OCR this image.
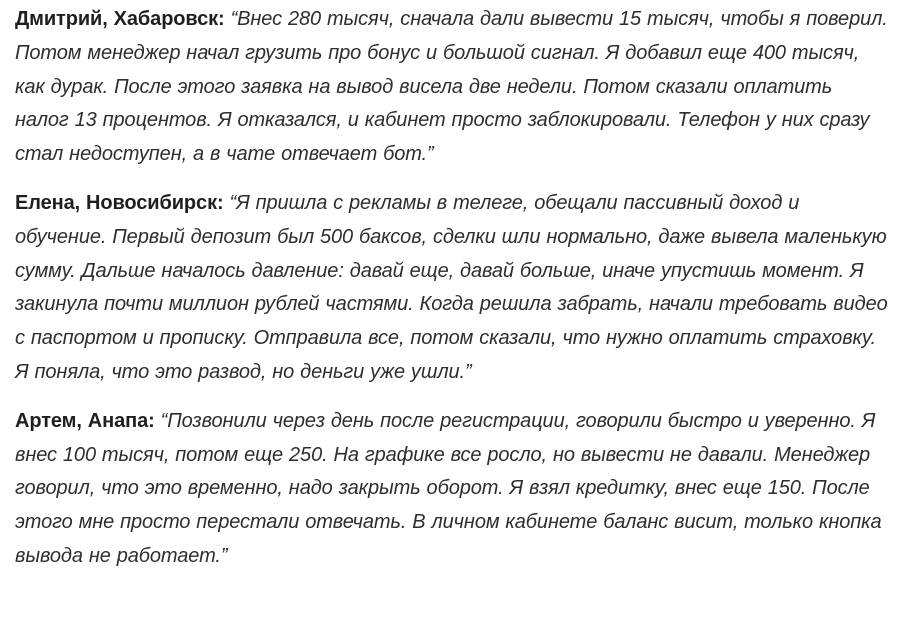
Дмитрий, Хабаровск: “Внес 280 тысяч, сначала дали вывести 15 тысяч, чтобы я поверил. Потом менеджер начал грузить про бонус и большой сигнал. Я добавил еще 400 тысяч, как дурак. После этого заявка на вывод висела две недели. Потом сказали оплатить налог 13 процентов. Я отказался, и кабинет просто заблокировали. Телефон у них сразу стал недоступен, а в чате отвечает бот.”

Елена, Новосибирск: “Я пришла с рекламы в телеге, обещали пассивный доход и обучение. Первый депозит был 500 баксов, сделки шли нормально, даже вывела маленькую сумму. Дальше началось давление: давай еще, давай больше, иначе упустишь момент. Я закинула почти миллион рублей частями. Когда решила забрать, начали требовать видео с паспортом и прописку. Отправила все, потом сказали, что нужно оплатить страховку. Я поняла, что это развод, но деньги уже ушли.”

Артем, Анапа: “Позвонили через день после регистрации, говорили быстро и уверенно. Я внес 100 тысяч, потом еще 250. На графике все росло, но вывести не давали. Менеджер говорил, что это временно, надо закрыть оборот. Я взял кредитку, внес еще 150. После этого мне просто перестали отвечать. В личном кабинете баланс висит, только кнопка вывода не работает.”
